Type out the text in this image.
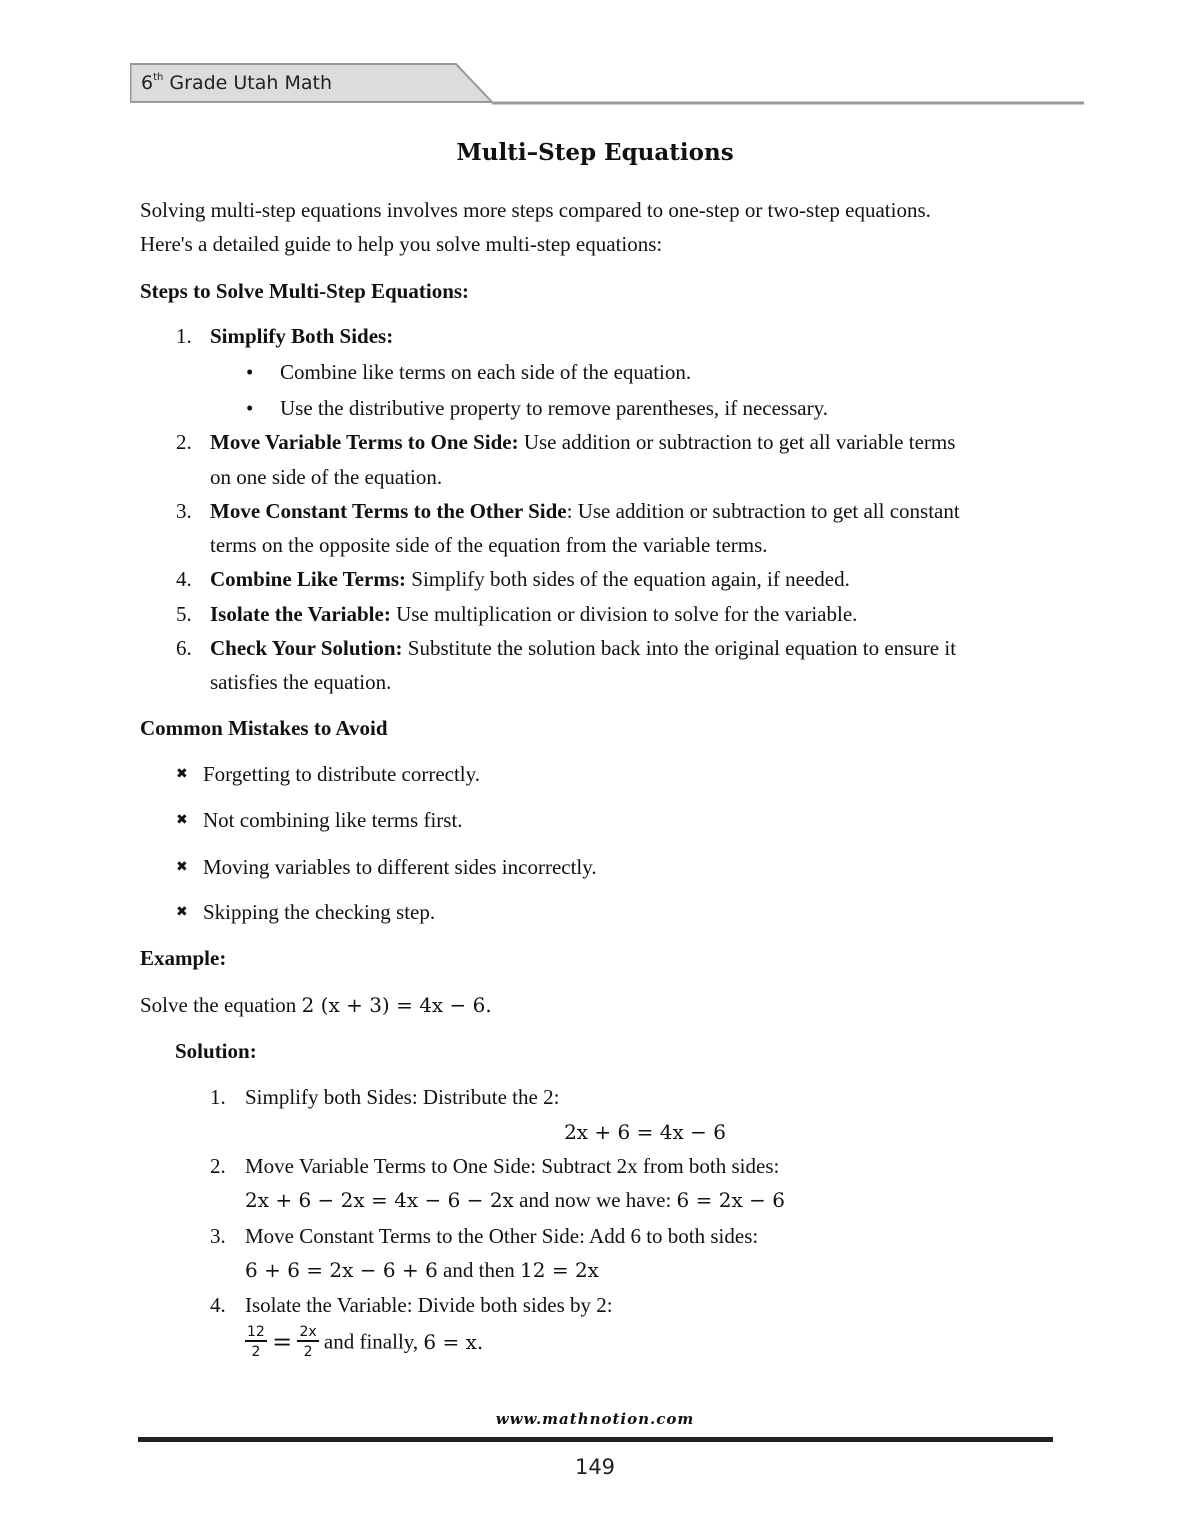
6th Grade Utah Math
Multi–Step Equations
Solving multi-step equations involves more steps compared to one-step or two-step equations.
Here's a detailed guide to help you solve multi-step equations:
Steps to Solve Multi-Step Equations:
1. Simplify Both Sides:
• Combine like terms on each side of the equation.
• Use the distributive property to remove parentheses, if necessary.
2. Move Variable Terms to One Side: Use addition or subtraction to get all variable terms
on one side of the equation.
3. Move Constant Terms to the Other Side: Use addition or subtraction to get all constant
terms on the opposite side of the equation from the variable terms.
4. Combine Like Terms: Simplify both sides of the equation again, if needed.
5. Isolate the Variable: Use multiplication or division to solve for the variable.
6. Check Your Solution: Substitute the solution back into the original equation to ensure it
satisfies the equation.
Common Mistakes to Avoid
✖ Forgetting to distribute correctly.
✖ Not combining like terms first.
✖ Moving variables to different sides incorrectly.
✖ Skipping the checking step.
Example:
Solve the equation 2 (x + 3) = 4x − 6.
Solution:
1. Simplify both Sides: Distribute the 2:
2x + 6 = 4x − 6
2. Move Variable Terms to One Side: Subtract 2x from both sides:
2x + 6 − 2x = 4x − 6 − 2x and now we have: 6 = 2x − 6
3. Move Constant Terms to the Other Side: Add 6 to both sides:
6 + 6 = 2x − 6 + 6 and then 12 = 2x
4. Isolate the Variable: Divide both sides by 2:
$\frac{12}{2} = \frac{2x}{2}$ and finally, 6 = x.
www.mathnotion.com
149
